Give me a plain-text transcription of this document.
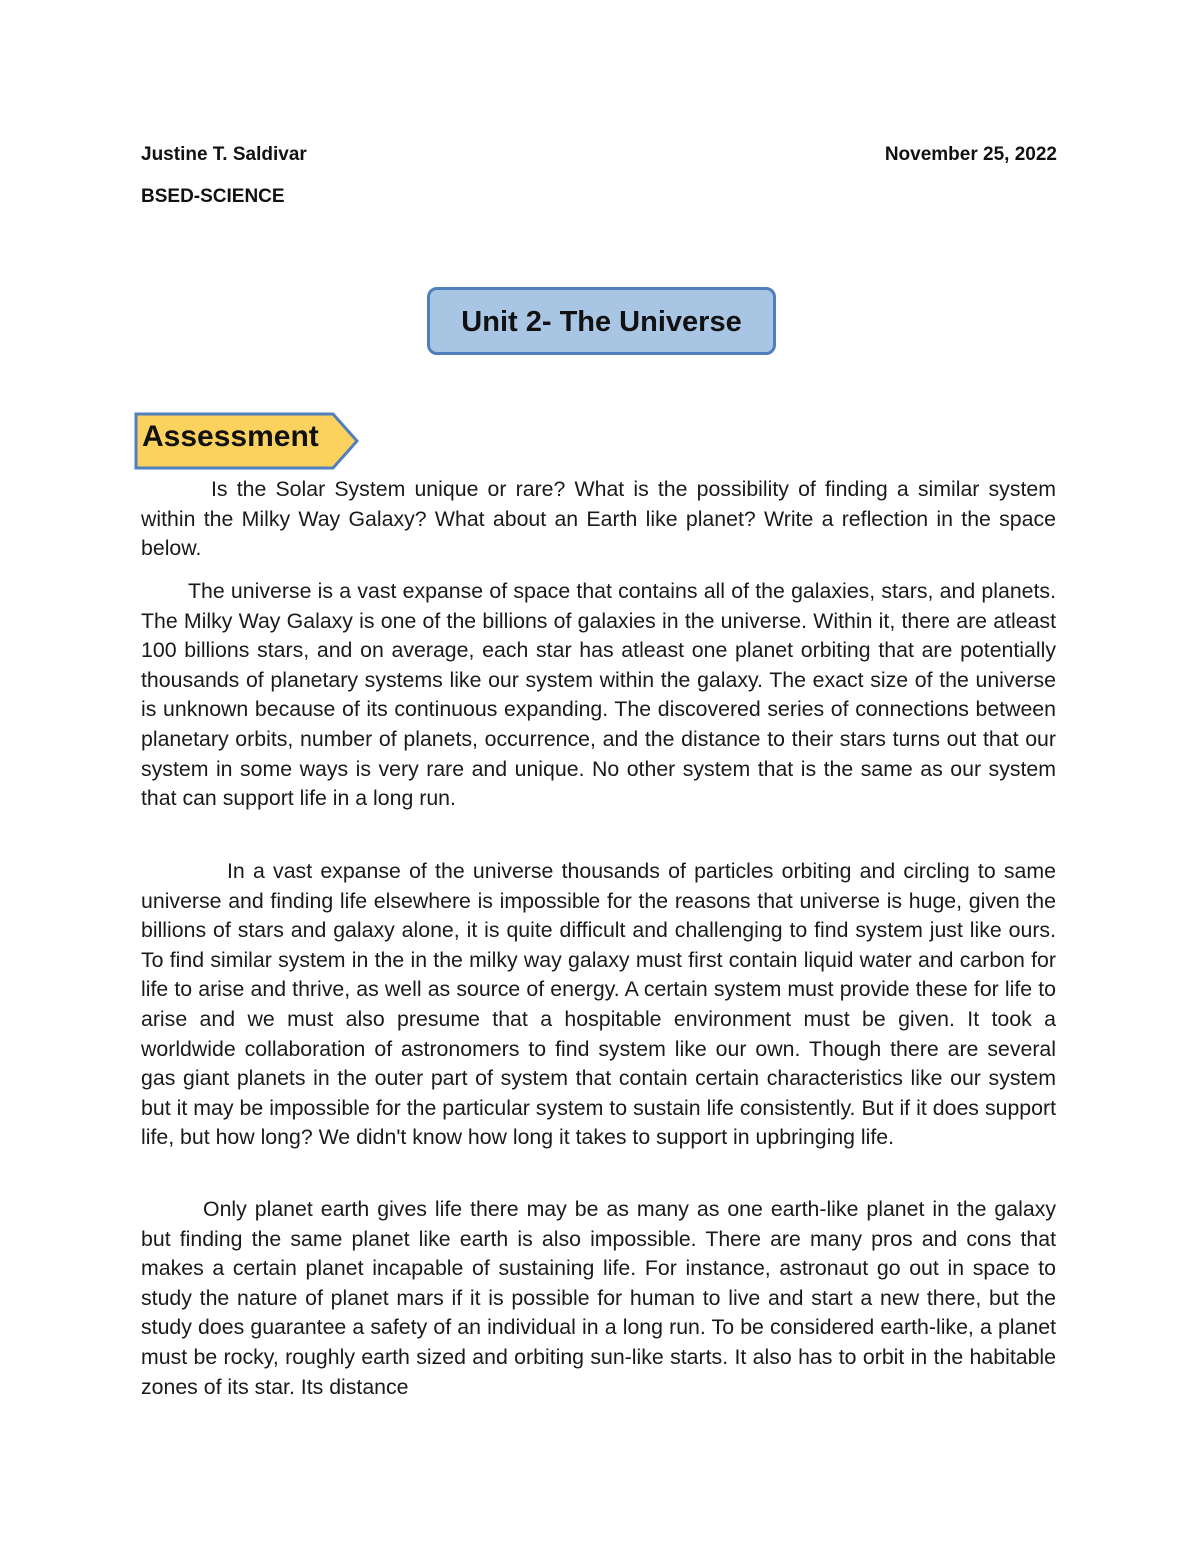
Justine T. Saldivar	November 25, 2022
BSED-SCIENCE
Unit 2- The Universe
Assessment

Is the Solar System unique or rare? What is the possibility of finding a similar system within the Milky Way Galaxy? What about an Earth like planet? Write a reflection in the space below.

The universe is a vast expanse of space that contains all of the galaxies, stars, and planets. The Milky Way Galaxy is one of the billions of galaxies in the universe. Within it, there are atleast 100 billions stars, and on average, each star has atleast one planet orbiting that are potentially thousands of planetary systems like our system within the galaxy. The exact size of the universe is unknown because of its continuous expanding. The discovered series of connections between planetary orbits, number of planets, occurrence, and the distance to their stars turns out that our system in some ways is very rare and unique. No other system that is the same as our system that can support life in a long run.

In a vast expanse of the universe thousands of particles orbiting and circling to same universe and finding life elsewhere is impossible for the reasons that universe is huge, given the billions of stars and galaxy alone, it is quite difficult and challenging to find system just like ours. To find similar system in the in the milky way galaxy must first contain liquid water and carbon for life to arise and thrive, as well as source of energy. A certain system must provide these for life to arise and we must also presume that a hospitable environment must be given. It took a worldwide collaboration of astronomers to find system like our own. Though there are several gas giant planets in the outer part of system that contain certain characteristics like our system but it may be impossible for the particular system to sustain life consistently. But if it does support life, but how long? We didn't know how long it takes to support in upbringing life.

Only planet earth gives life there may be as many as one earth-like planet in the galaxy but finding the same planet like earth is also impossible. There are many pros and cons that makes a certain planet incapable of sustaining life. For instance, astronaut go out in space to study the nature of planet mars if it is possible for human to live and start a new there, but the study does guarantee a safety of an individual in a long run. To be considered earth-like, a planet must be rocky, roughly earth sized and orbiting sun-like starts. It also has to orbit in the habitable zones of its star. Its distance
